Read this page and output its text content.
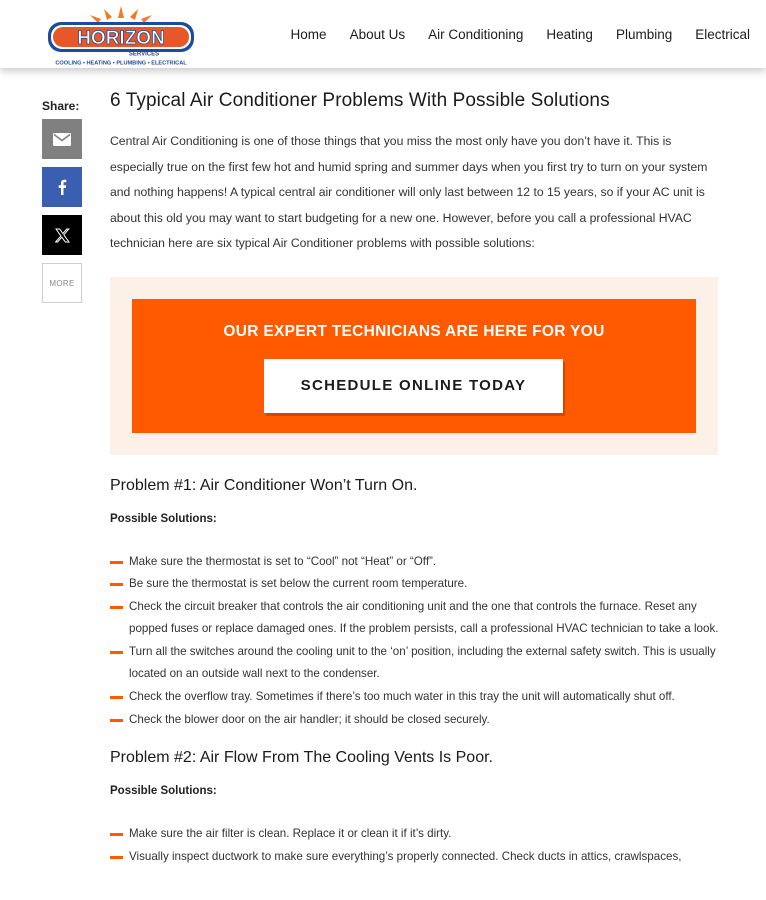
HORIZON
SERVICES
COOLING • HEATING • PLUMBING • ELECTRICAL
Home About Us Air Conditioning Heating Plumbing Electrical
Share:
MORE
6 Typical Air Conditioner Problems With Possible Solutions

Central Air Conditioning is one of those things that you miss the most only have you don’t have it. This is especially true on the first few hot and humid spring and summer days when you first try to turn on your system and nothing happens! A typical central air conditioner will only last between 12 to 15 years, so if your AC unit is about this old you may want to start budgeting for a new one. However, before you call a professional HVAC technician here are six typical Air Conditioner problems with possible solutions:

OUR EXPERT TECHNICIANS ARE HERE FOR YOU
SCHEDULE ONLINE TODAY
Problem #1: Air Conditioner Won’t Turn On.
Possible Solutions:
Make sure the thermostat is set to “Cool” not “Heat” or “Off”.
Be sure the thermostat is set below the current room temperature.
Check the circuit breaker that controls the air conditioning unit and the one that controls the furnace. Reset any popped fuses or replace damaged ones. If the problem persists, call a professional HVAC technician to take a look.
Turn all the switches around the cooling unit to the ‘on’ position, including the external safety switch. This is usually located on an outside wall next to the condenser.
Check the overflow tray. Sometimes if there’s too much water in this tray the unit will automatically shut off.
Check the blower door on the air handler; it should be closed securely.
Problem #2: Air Flow From The Cooling Vents Is Poor.
Possible Solutions:
Make sure the air filter is clean. Replace it or clean it if it’s dirty.
Visually inspect ductwork to make sure everything’s properly connected. Check ducts in attics, crawlspaces,
